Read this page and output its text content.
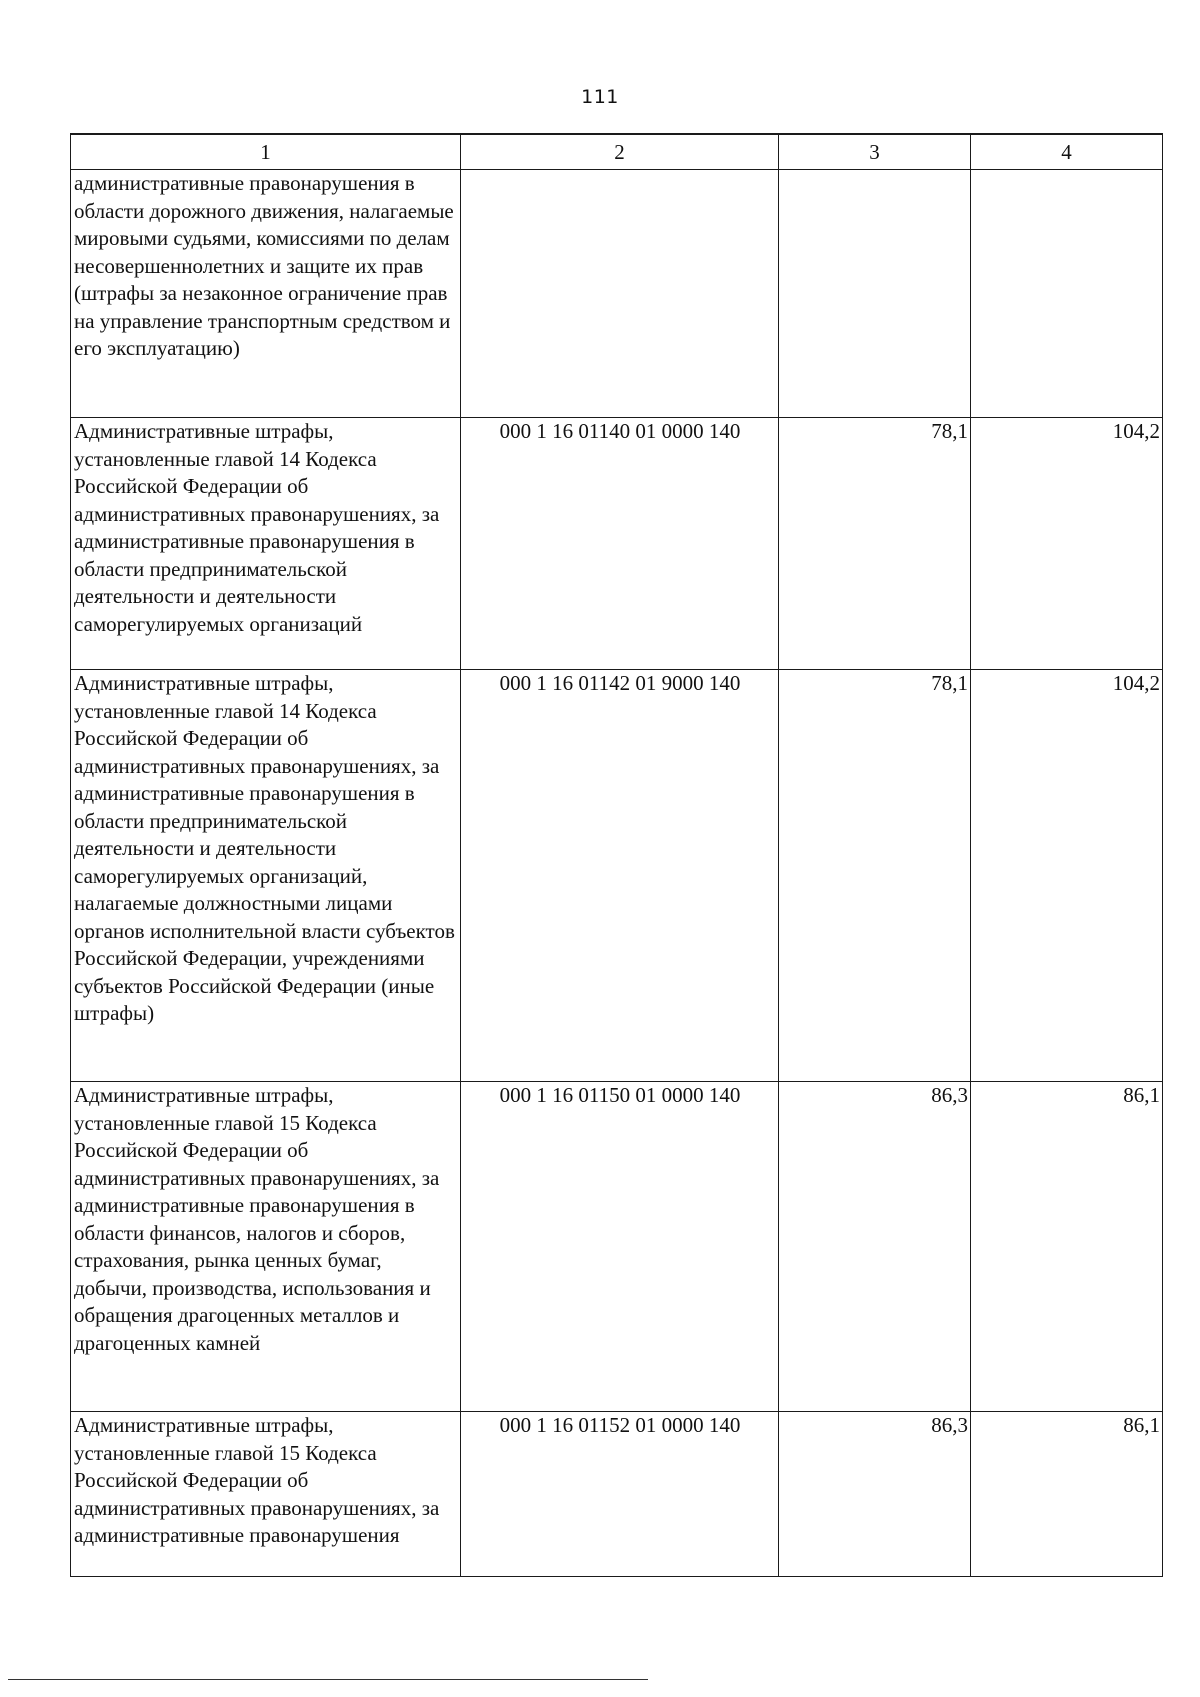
111
1	2	3	4
административные правонарушения в области дорожного движения, налагаемые мировыми судьями, комиссиями по делам несовершеннолетних и защите их прав (штрафы за незаконное ограничение прав на управление транспортным средством и его эксплуатацию)			
Административные штрафы, установленные главой 14 Кодекса Российской Федерации об административных правонарушениях, за административные правонарушения в области предпринимательской деятельности и деятельности саморегулируемых организаций	000 1 16 01140 01 0000 140	78,1	104,2
Административные штрафы, установленные главой 14 Кодекса Российской Федерации об административных правонарушениях, за административные правонарушения в области предпринимательской деятельности и деятельности саморегулируемых организаций, налагаемые должностными лицами органов исполнительной власти субъектов Российской Федерации, учреждениями субъектов Российской Федерации (иные штрафы)	000 1 16 01142 01 9000 140	78,1	104,2
Административные штрафы, установленные главой 15 Кодекса Российской Федерации об административных правонарушениях, за административные правонарушения в области финансов, налогов и сборов, страхования, рынка ценных бумаг, добычи, производства, использования и обращения драгоценных металлов и драгоценных камней	000 1 16 01150 01 0000 140	86,3	86,1
Административные штрафы, установленные главой 15 Кодекса Российской Федерации об административных правонарушениях, за административные правонарушения	000 1 16 01152 01 0000 140	86,3	86,1
